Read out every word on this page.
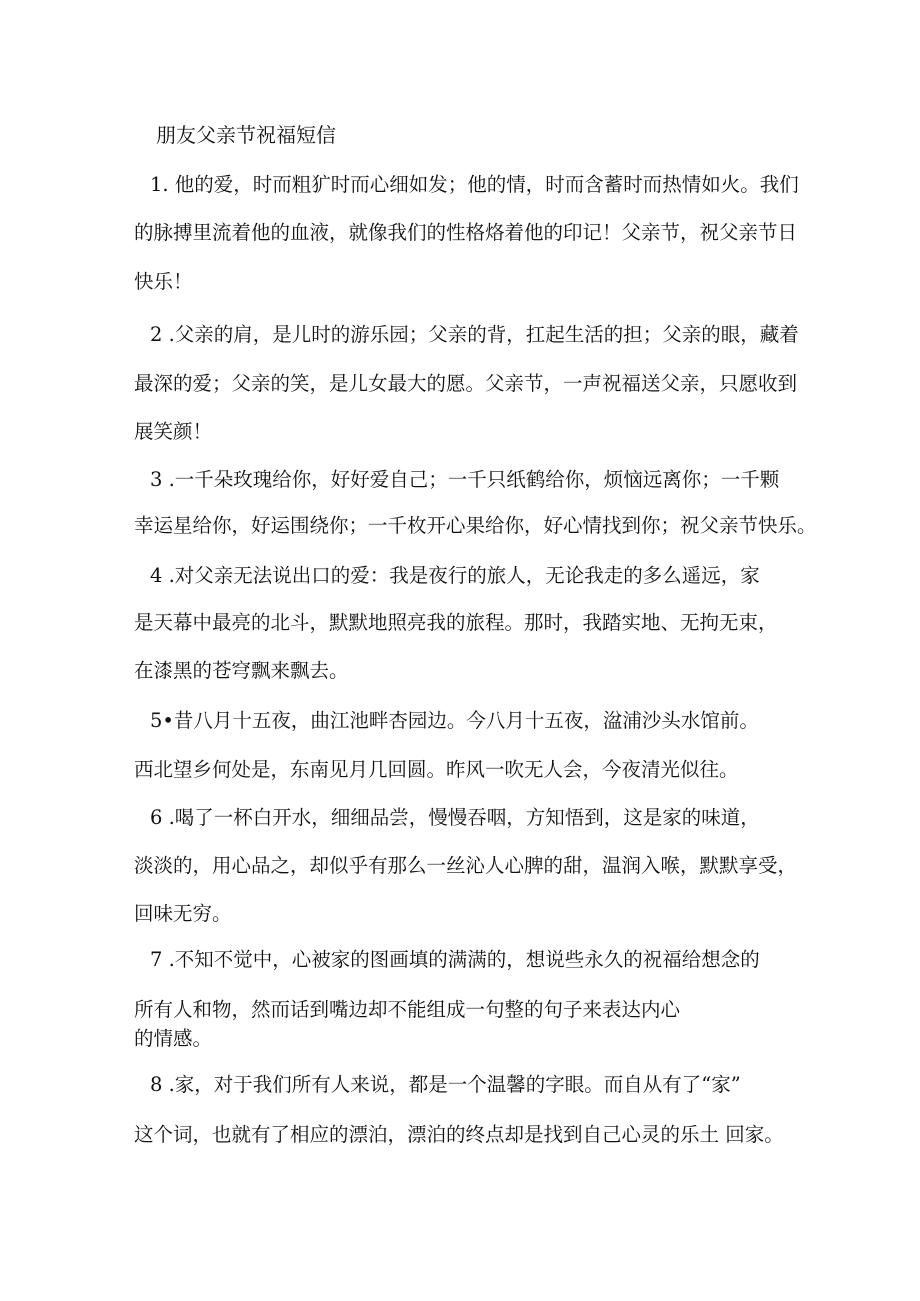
朋友父亲节祝福短信
1. 他的爱，时而粗犷时而心细如发；他的情，时而含蓄时而热情如火。我们
的脉搏里流着他的血液，就像我们的性格烙着他的印记！父亲节，祝父亲节日
快乐！
2 .父亲的肩，是儿时的游乐园；父亲的背，扛起生活的担；父亲的眼，藏着
最深的爱；父亲的笑，是儿女最大的愿。父亲节，一声祝福送父亲，只愿收到
展笑颜！
3 .一千朵玫瑰给你，好好爱自己；一千只纸鹤给你，烦恼远离你；一千颗
幸运星给你，好运围绕你；一千枚开心果给你，好心情找到你；祝父亲节快乐。
4 .对父亲无法说出口的爱：我是夜行的旅人，无论我走的多么遥远，家
是天幕中最亮的北斗，默默地照亮我的旅程。那时，我踏实地、无拘无束，
在漆黑的苍穹飘来飘去。
5•昔八月十五夜，曲江池畔杏园边。今八月十五夜，湓浦沙头水馆前。
西北望乡何处是，东南见月几回圆。昨风一吹无人会，今夜清光似往。
6 .喝了一杯白开水，细细品尝，慢慢吞咽，方知悟到，这是家的味道，
淡淡的，用心品之，却似乎有那么一丝沁人心脾的甜，温润入喉，默默享受，
回味无穷。
7 .不知不觉中，心被家的图画填的满满的，想说些永久的祝福给想念的
所有人和物，然而话到嘴边却不能组成一句整的句子来表达内心
的情感。
8 .家，对于我们所有人来说，都是一个温馨的字眼。而自从有了“家”
这个词，也就有了相应的漂泊，漂泊的终点却是找到自己心灵的乐土 回家。
